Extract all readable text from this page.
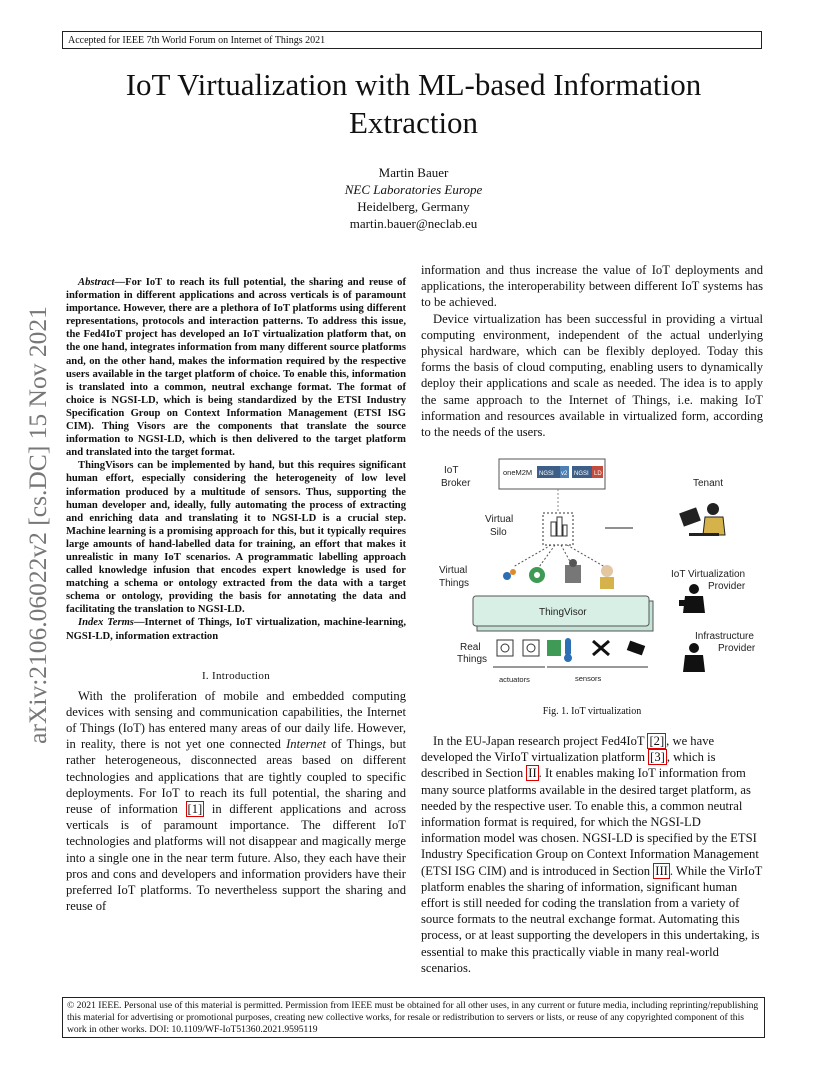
Accepted for IEEE 7th World Forum on Internet of Things 2021
arXiv:2106.06022v2 [cs.DC] 15 Nov 2021
IoT Virtualization with ML-based Information Extraction
Martin Bauer
NEC Laboratories Europe
Heidelberg, Germany
martin.bauer@neclab.eu

Abstract—For IoT to reach its full potential, the sharing and reuse of information in different applications and across verticals is of paramount importance. However, there are a plethora of IoT platforms using different representations, protocols and interaction patterns. To address this issue, the Fed4IoT project has developed an IoT virtualization platform that, on the one hand, integrates information from many different source platforms and, on the other hand, makes the information required by the respective users available in the target platform of choice. To enable this, information is translated into a common, neutral exchange format. The format of choice is NGSI-LD, which is being standardized by the ETSI Industry Specification Group on Context Information Management (ETSI ISG CIM). Thing Visors are the components that translate the source information to NGSI-LD, which is then delivered to the target platform and translated into the target format.

ThingVisors can be implemented by hand, but this requires significant human effort, especially considering the heterogeneity of low level information produced by a multitude of sensors. Thus, supporting the human developer and, ideally, fully automating the process of extracting and enriching data and translating it to NGSI-LD is a crucial step. Machine learning is a promising approach for this, but it typically requires large amounts of hand-labelled data for training, an effort that makes it unrealistic in many IoT scenarios. A programmatic labelling approach called knowledge infusion that encodes expert knowledge is used for matching a schema or ontology extracted from the data with a target schema or ontology, providing the basis for annotating the data and facilitating the translation to NGSI-LD.

Index Terms—Internet of Things, IoT virtualization, machine-learning, NGSI-LD, information extraction

I. Introduction

With the proliferation of mobile and embedded computing devices with sensing and communication capabilities, the Internet of Things (IoT) has entered many areas of our daily life. However, in reality, there is not yet one connected Internet of Things, but rather heterogeneous, disconnected areas based on different technologies and applications that are tightly coupled to specific deployments. For IoT to reach its full potential, the sharing and reuse of information [1] in different applications and across verticals is of paramount importance. The different IoT technologies and platforms will not disappear and magically merge into a single one in the near term future. Also, they each have their pros and cons and developers and information providers have their preferred IoT platforms. To nevertheless support the sharing and reuse of

information and thus increase the value of IoT deployments and applications, the interoperability between different IoT systems has to be achieved.

Device virtualization has been successful in providing a virtual computing environment, independent of the actual underlying physical hardware, which can be flexibly deployed. Today this forms the basis of cloud computing, enabling users to dynamically deploy their applications and scale as needed. The idea is to apply the same approach to the Internet of Things, i.e. making IoT information and resources available in virtualized form, according to the needs of the users.

oneM2M NGSI v2 NGSI LD
IoT
Broker	Tenant
Virtual
Silo
Virtual
Things
IoT Virtualization
Provider
ThingVisor
Infrastructure
Provider
Real
Things
actuators	sensors
Fig. 1. IoT virtualization

In the EU-Japan research project Fed4IoT [2] , we have developed the VirIoT virtualization platform [3] , which is described in Section II . It enables making IoT information from many source platforms available in the desired target platform, as needed by the respective user. To enable this, a common neutral information format is required, for which the NGSI-LD information model was chosen. NGSI-LD is specified by the ETSI Industry Specification Group on Context Information Management (ETSI ISG CIM) and is introduced in Section III . While the VirIoT platform enables the sharing of information, significant human effort is still needed for coding the translation from a variety of source formats to the neutral exchange format. Automating this process, or at least supporting the developers in this undertaking, is essential to make this practically viable in many real-world scenarios.

© 2021 IEEE. Personal use of this material is permitted. Permission from IEEE must be obtained for all other uses, in any current or future media, including reprinting/republishing this material for advertising or promotional purposes, creating new collective works, for resale or redistribution to servers or lists, or reuse of any copyrighted component of this work in other works. DOI: 10.1109/WF-IoT51360.2021.9595119
